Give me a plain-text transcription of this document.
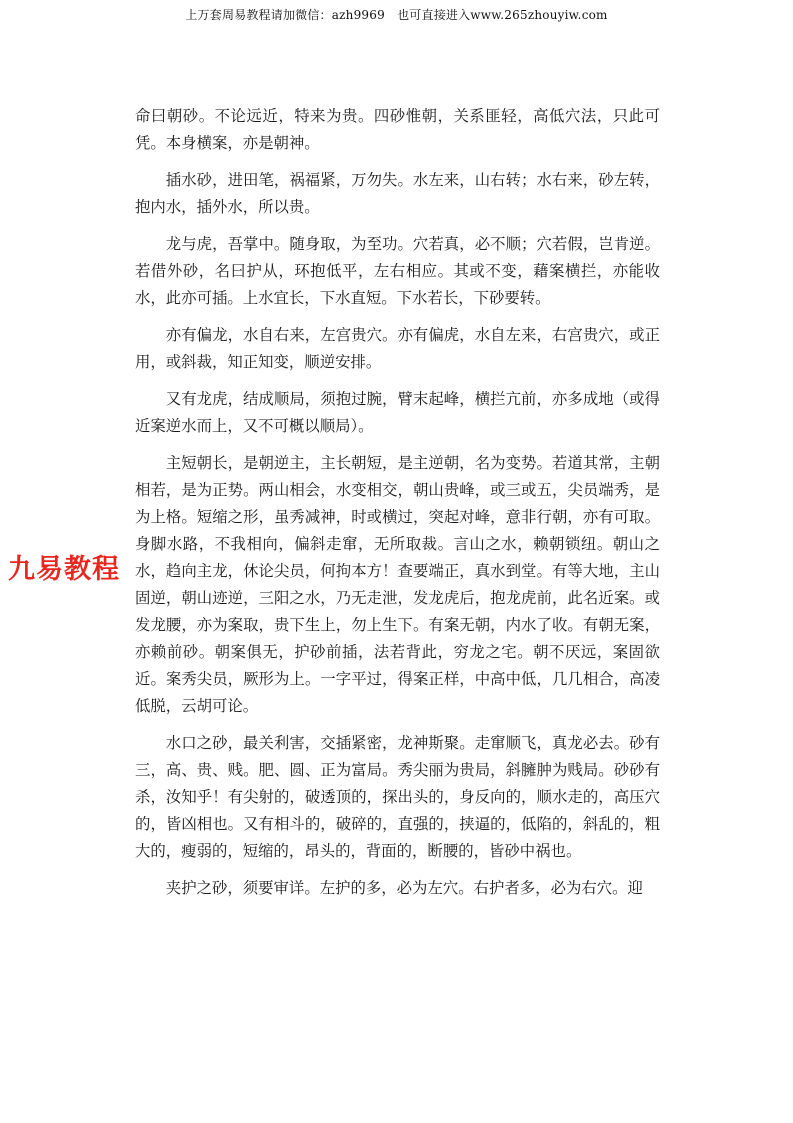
上万套周易教程请加微信：azh9969　也可直接进入www.265zhouyiw.com
九易教程

命曰朝砂。不论远近，特来为贵。四砂惟朝，关系匪轻，高低穴法，只此可凭。本身横案，亦是朝神。

插水砂，进田笔，祸福紧，万勿失。水左来，山右转；水右来，砂左转，抱内水，插外水，所以贵。

龙与虎，吾掌中。随身取，为至功。穴若真，必不顺；穴若假，岂肯逆。若借外砂，名曰护从，环抱低平，左右相应。其或不变，藉案横拦，亦能收水，此亦可插。上水宜长，下水直短。下水若长，下砂要转。

亦有偏龙，水自右来，左宫贵穴。亦有偏虎，水自左来，右宫贵穴，或正用，或斜裁，知正知变，顺逆安排。

又有龙虎，结成顺局，须抱过腕，臂末起峰，横拦亢前，亦多成地（或得近案逆水而上，又不可概以顺局）。

主短朝长，是朝逆主，主长朝短，是主逆朝，名为变势。若道其常，主朝相若，是为正势。两山相会，水变相交，朝山贵峰，或三或五，尖员端秀，是为上格。短缩之形，虽秀减神，时或横过，突起对峰，意非行朝，亦有可取。身脚水路，不我相向，偏斜走窜，无所取裁。言山之水，赖朝锁纽。朝山之水，趋向主龙，休论尖员，何拘本方！查要端正，真水到堂。有等大地，主山固逆，朝山迹逆，三阳之水，乃无走泄，发龙虎后，抱龙虎前，此名近案。或发龙腰，亦为案取，贵下生上，勿上生下。有案无朝，内水了收。有朝无案，亦赖前砂。朝案俱无，护砂前插，法若背此，穷龙之宅。朝不厌远，案固欲近。案秀尖员，厥形为上。一字平过，得案正样，中高中低，几几相合，高凌低脱，云胡可论。

水口之砂，最关利害，交插紧密，龙神斯聚。走窜顺飞，真龙必去。砂有三，高、贵、贱。肥、圆、正为富局。秀尖丽为贵局，斜臃肿为贱局。砂砂有杀，汝知乎！有尖射的，破透顶的，探出头的，身反向的，顺水走的，高压穴的，皆凶相也。又有相斗的，破碎的，直强的，挟逼的，低陷的，斜乱的，粗大的，瘦弱的，短缩的，昂头的，背面的，断腰的，皆砂中祸也。

夹护之砂，须要审详。左护的多，必为左穴。右护者多，必为右穴。迎
